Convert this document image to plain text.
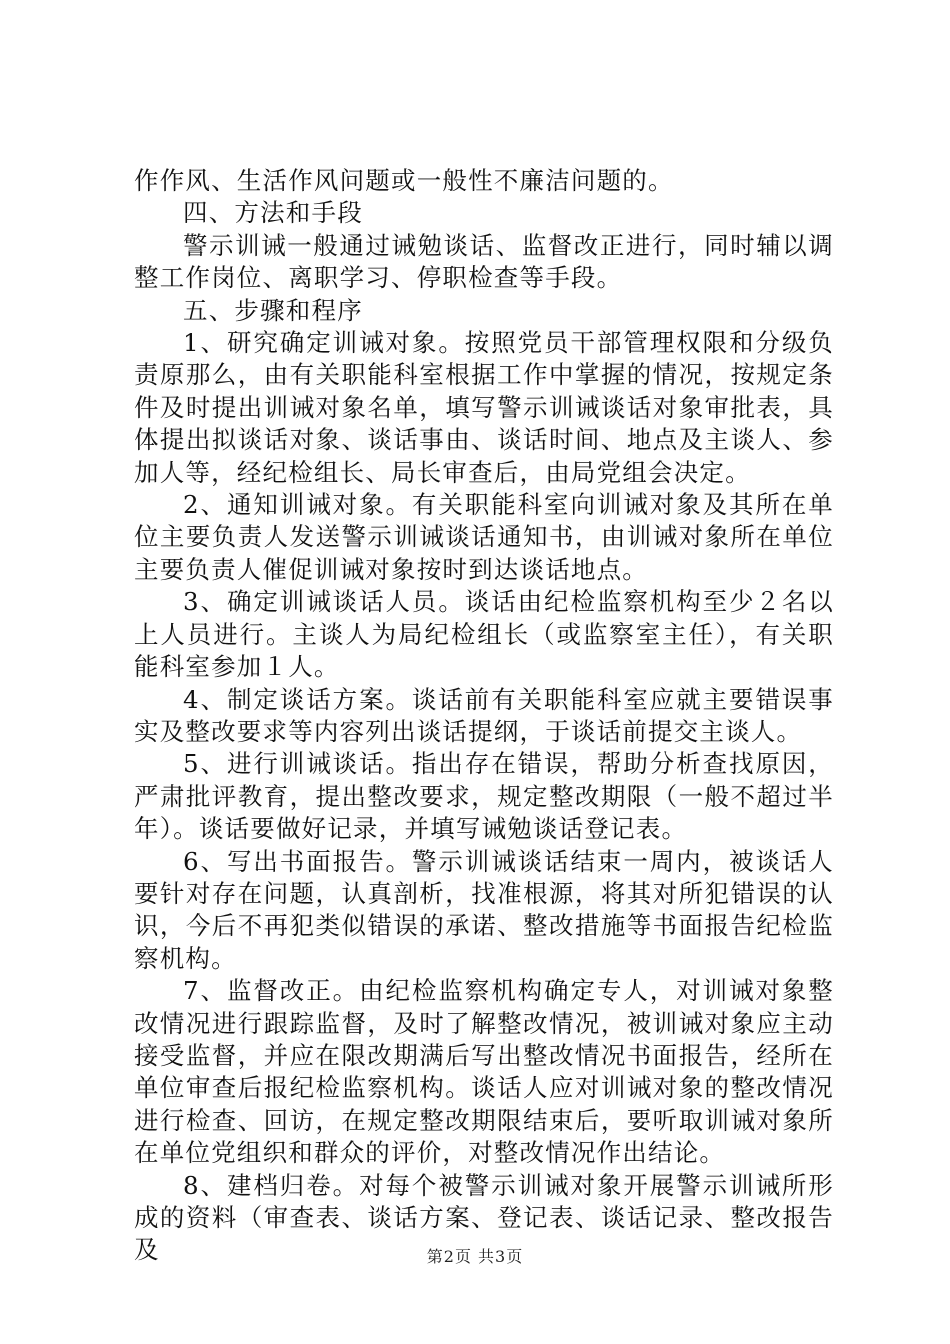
作作风、生活作风问题或一般性不廉洁问题的。

四、方法和手段

警示训诫一般通过诫勉谈话、监督改正进行，同时辅以调整工作岗位、离职学习、停职检查等手段。

五、步骤和程序

1、研究确定训诫对象。按照党员干部管理权限和分级负责原那么，由有关职能科室根据工作中掌握的情况，按规定条件及时提出训诫对象名单，填写警示训诫谈话对象审批表，具体提出拟谈话对象、谈话事由、谈话时间、地点及主谈人、参加人等，经纪检组长、局长审查后，由局党组会决定。

2、通知训诫对象。有关职能科室向训诫对象及其所在单位主要负责人发送警示训诫谈话通知书，由训诫对象所在单位主要负责人催促训诫对象按时到达谈话地点。

3、确定训诫谈话人员。谈话由纪检监察机构至少２名以上人员进行。主谈人为局纪检组长（或监察室主任），有关职能科室参加１人。

4、制定谈话方案。谈话前有关职能科室应就主要错误事实及整改要求等内容列出谈话提纲，于谈话前提交主谈人。

5、进行训诫谈话。指出存在错误，帮助分析查找原因，严肃批评教育，提出整改要求，规定整改期限（一般不超过半年）。谈话要做好记录，并填写诫勉谈话登记表。

6、写出书面报告。警示训诫谈话结束一周内，被谈话人要针对存在问题，认真剖析，找准根源，将其对所犯错误的认识，今后不再犯类似错误的承诺、整改措施等书面报告纪检监察机构。

7、监督改正。由纪检监察机构确定专人，对训诫对象整改情况进行跟踪监督，及时了解整改情况，被训诫对象应主动接受监督，并应在限改期满后写出整改情况书面报告，经所在单位审查后报纪检监察机构。谈话人应对训诫对象的整改情况进行检查、回访，在规定整改期限结束后，要听取训诫对象所在单位党组织和群众的评价，对整改情况作出结论。

8、建档归卷。对每个被警示训诫对象开展警示训诫所形成的资料（审查表、谈话方案、登记表、谈话记录、整改报告及	第2页 共3页
